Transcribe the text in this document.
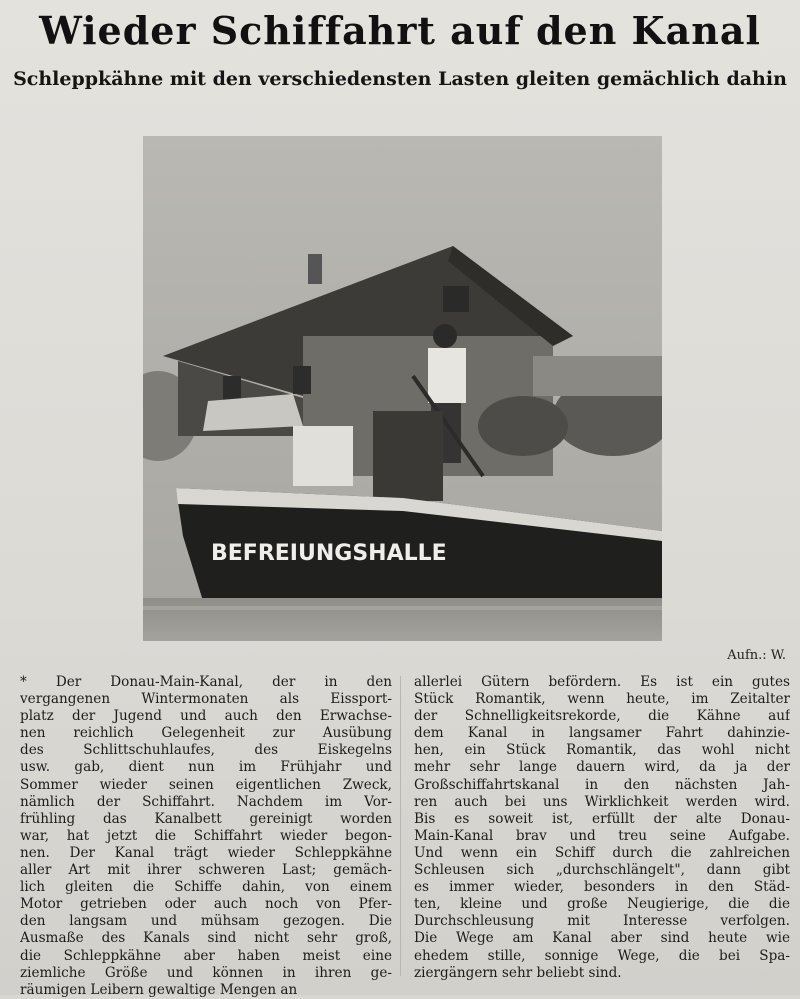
Wieder Schiffahrt auf den Kanal
Schleppkähne mit den verschiedensten Lasten gleiten gemächlich dahin
BEFREIUNGSHALLE
Aufn.: W.
* Der Donau-Main-Kanal, der in den
vergangenen Wintermonaten als Eissport-
platz der Jugend und auch den Erwachse-
nen reichlich Gelegenheit zur Ausübung
des Schlittschuhlaufes, des Eiskegelns
usw. gab, dient nun im Frühjahr und
Sommer wieder seinen eigentlichen Zweck,
nämlich der Schiffahrt. Nachdem im Vor-
frühling das Kanalbett gereinigt worden
war, hat jetzt die Schiffahrt wieder begon-
nen. Der Kanal trägt wieder Schleppkähne
aller Art mit ihrer schweren Last; gemäch-
lich gleiten die Schiffe dahin, von einem
Motor getrieben oder auch noch von Pfer-
den langsam und mühsam gezogen. Die
Ausmaße des Kanals sind nicht sehr groß,
die Schleppkähne aber haben meist eine
ziemliche Größe und können in ihren ge-
räumigen Leibern gewaltige Mengen an
allerlei Gütern befördern. Es ist ein gutes
Stück Romantik, wenn heute, im Zeitalter
der Schnelligkeitsrekorde, die Kähne auf
dem Kanal in langsamer Fahrt dahinzie-
hen, ein Stück Romantik, das wohl nicht
mehr sehr lange dauern wird, da ja der
Großschiffahrtskanal in den nächsten Jah-
ren auch bei uns Wirklichkeit werden wird.
Bis es soweit ist, erfüllt der alte Donau-
Main-Kanal brav und treu seine Aufgabe.
Und wenn ein Schiff durch die zahlreichen
Schleusen sich „durchschlängelt", dann gibt
es immer wieder, besonders in den Städ-
ten, kleine und große Neugierige, die die
Durchschleusung mit Interesse verfolgen.
Die Wege am Kanal aber sind heute wie
ehedem stille, sonnige Wege, die bei Spa-
ziergängern sehr beliebt sind.
